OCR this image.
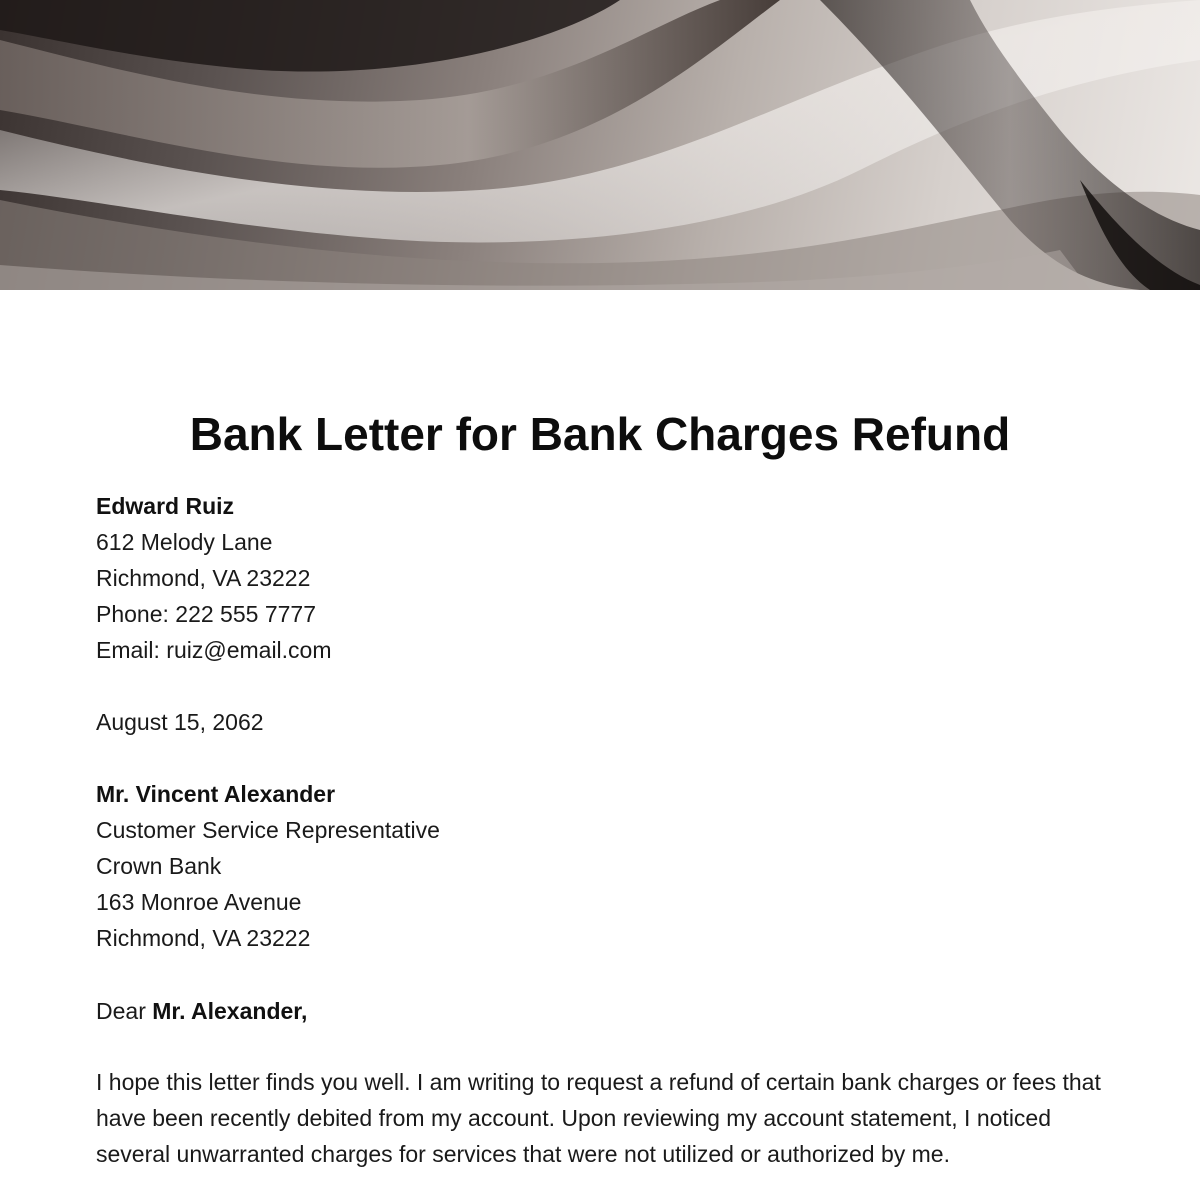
Bank Letter for Bank Charges Refund
Edward Ruiz
612 Melody Lane
Richmond, VA 23222
Phone: 222 555 7777
Email: ruiz@email.com
August 15, 2062
Mr. Vincent Alexander
Customer Service Representative
Crown Bank
163 Monroe Avenue
Richmond, VA 23222
Dear Mr. Alexander,

I hope this letter finds you well. I am writing to request a refund of certain bank charges or fees that have been recently debited from my account. Upon reviewing my account statement, I noticed several unwarranted charges for services that were not utilized or authorized by me.
